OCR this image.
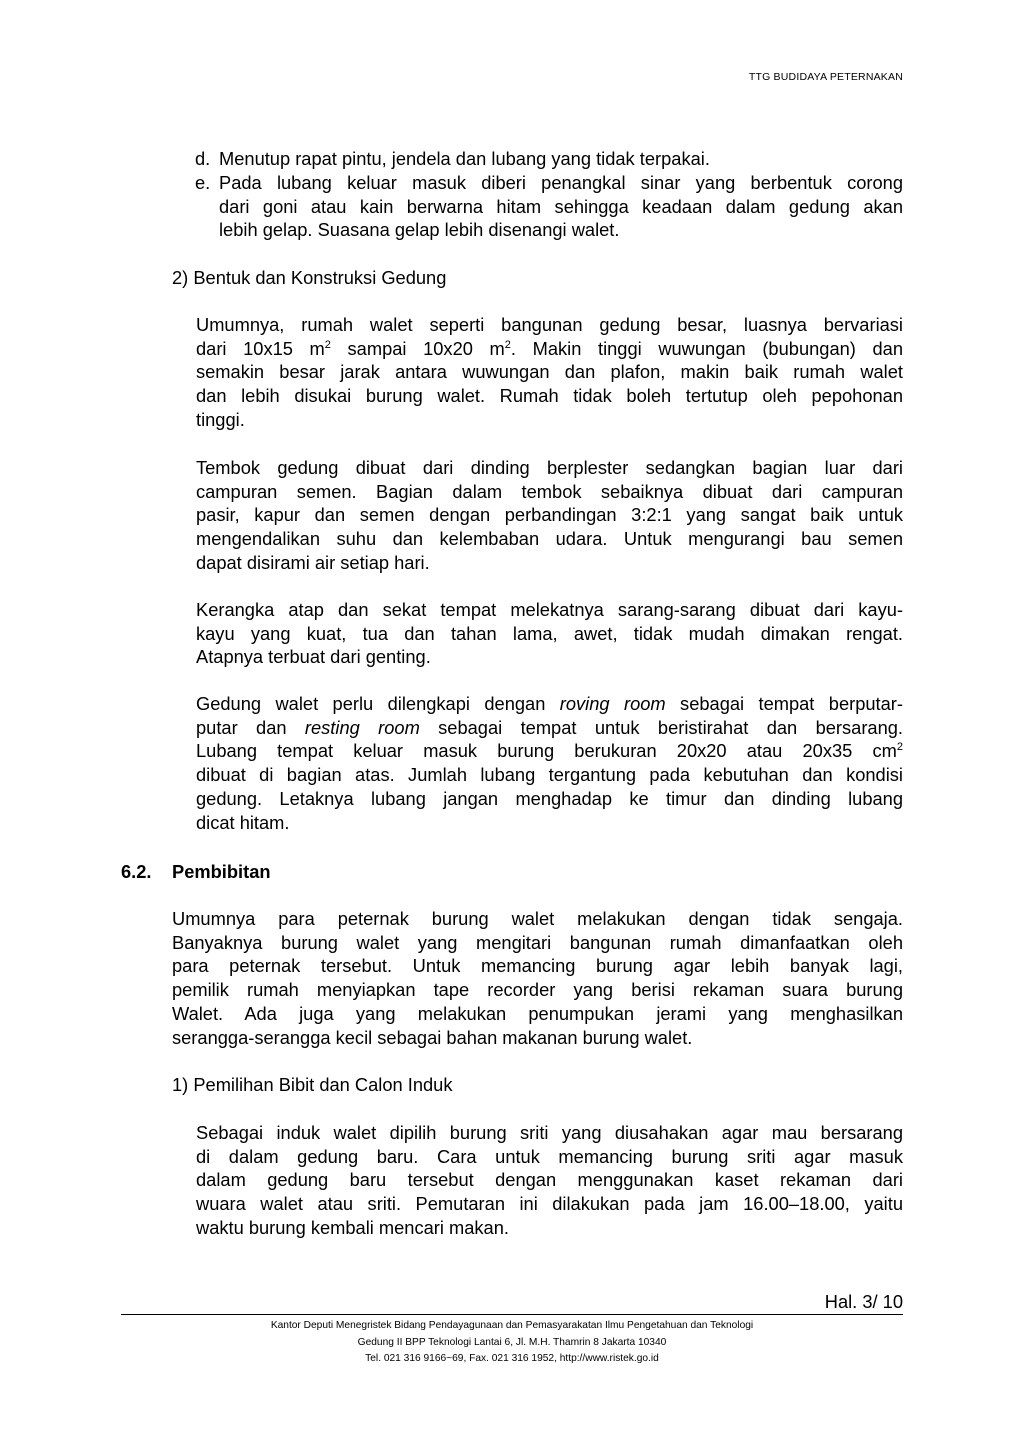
TTG BUDIDAYA PETERNAKAN
d. Menutup rapat pintu, jendela dan lubang yang tidak terpakai.
e. Pada lubang keluar masuk diberi penangkal sinar yang berbentuk corong
dari goni atau kain berwarna hitam sehingga keadaan dalam gedung akan
lebih gelap. Suasana gelap lebih disenangi walet.
2) Bentuk dan Konstruksi Gedung
Umumnya, rumah walet seperti bangunan gedung besar, luasnya bervariasi
dari 10x15 $m^2$ sampai 10x20 $m^2$. Makin tinggi wuwungan (bubungan) dan
semakin besar jarak antara wuwungan dan plafon, makin baik rumah walet
dan lebih disukai burung walet. Rumah tidak boleh tertutup oleh pepohonan
tinggi.
Tembok gedung dibuat dari dinding berplester sedangkan bagian luar dari
campuran semen. Bagian dalam tembok sebaiknya dibuat dari campuran
pasir, kapur dan semen dengan perbandingan 3:2:1 yang sangat baik untuk
mengendalikan suhu dan kelembaban udara. Untuk mengurangi bau semen
dapat disirami air setiap hari.
Kerangka atap dan sekat tempat melekatnya sarang-sarang dibuat dari kayu-
kayu yang kuat, tua dan tahan lama, awet, tidak mudah dimakan rengat.
Atapnya terbuat dari genting.
Gedung walet perlu dilengkapi dengan roving room sebagai tempat berputar-
putar dan resting room sebagai tempat untuk beristirahat dan bersarang.
Lubang tempat keluar masuk burung berukuran 20x20 atau 20x35 $cm^2$
dibuat di bagian atas. Jumlah lubang tergantung pada kebutuhan dan kondisi
gedung. Letaknya lubang jangan menghadap ke timur dan dinding lubang
dicat hitam.
6.2. Pembibitan
Umumnya para peternak burung walet melakukan dengan tidak sengaja.
Banyaknya burung walet yang mengitari bangunan rumah dimanfaatkan oleh
para peternak tersebut. Untuk memancing burung agar lebih banyak lagi,
pemilik rumah menyiapkan tape recorder yang berisi rekaman suara burung
Walet. Ada juga yang melakukan penumpukan jerami yang menghasilkan
serangga-serangga kecil sebagai bahan makanan burung walet.
1) Pemilihan Bibit dan Calon Induk
Sebagai induk walet dipilih burung sriti yang diusahakan agar mau bersarang
di dalam gedung baru. Cara untuk memancing burung sriti agar masuk
dalam gedung baru tersebut dengan menggunakan kaset rekaman dari
wuara walet atau sriti. Pemutaran ini dilakukan pada jam 16.00–18.00, yaitu
waktu burung kembali mencari makan.
Hal. 3/ 10
Kantor Deputi Menegristek Bidang Pendayagunaan dan Pemasyarakatan Ilmu Pengetahuan dan Teknologi
Gedung II BPP Teknologi Lantai 6, Jl. M.H. Thamrin 8 Jakarta 10340
Tel. 021 316 9166~69, Fax. 021 316 1952, http://www.ristek.go.id
